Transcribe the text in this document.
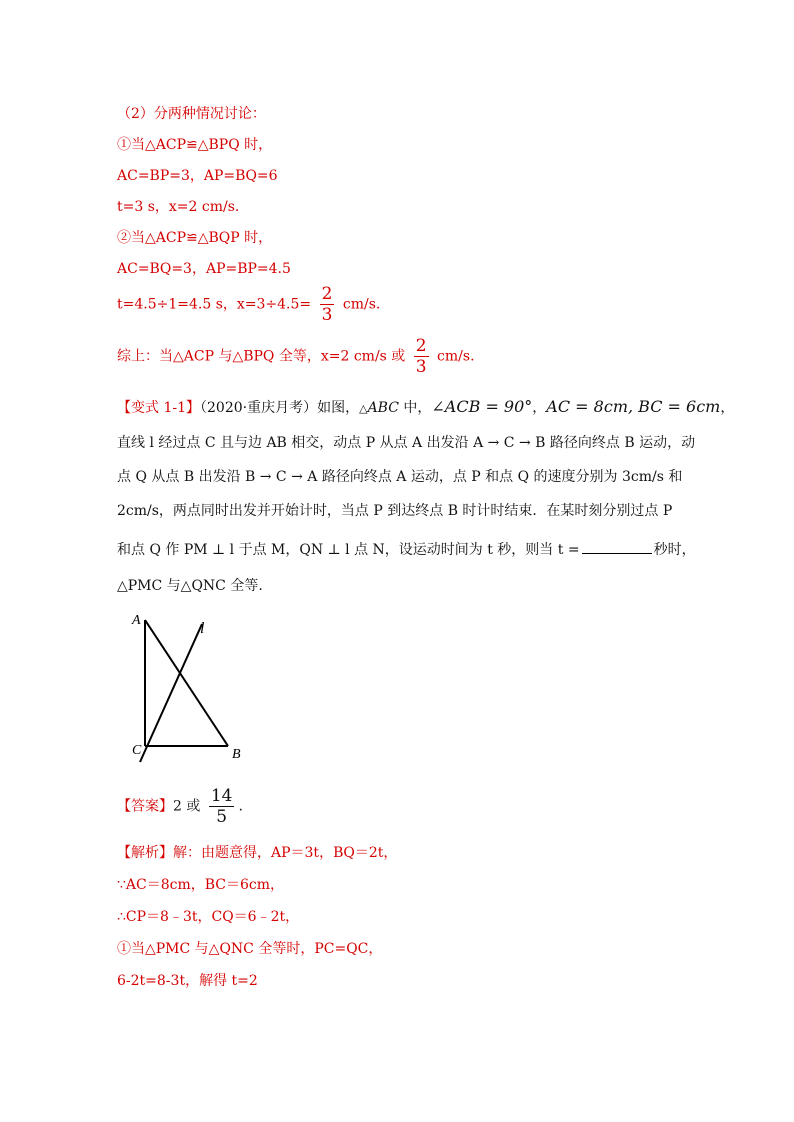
（2）分两种情况讨论：
①当△ACP≌△BPQ 时，
AC=BP=3，AP=BQ=6
t=3 s，x=2 cm/s.
②当△ACP≌△BQP 时，
AC=BQ=3，AP=BP=4.5
t=4.5÷1=4.5 s，$x=3\div 4.5= \frac{2}{3} cm/s$.
综上：当△ACP 与△BPQ 全等，x=2 cm/s 或 $\frac{2}{3} cm/s$.
【变式 1-1】（2020·重庆月考）如图，△ABC 中，∠ACB = 90°，AC = 8cm, BC = 6cm，
直线 l 经过点 C 且与边 AB 相交，动点 P 从点 A 出发沿 A → C → B 路径向终点 B 运动，动
点 Q 从点 B 出发沿 B → C → A 路径向终点 A 运动，点 P 和点 Q 的速度分别为 3cm/s 和
2cm/s，两点同时出发并开始计时，当点 P 到达终点 B 时计时结束．在某时刻分别过点 P
和点 Q 作 PM ⊥ l 于点 M，QN ⊥ l 点 N，设运动时间为 t 秒，则当 t =	秒时，
△PMC 与△QNC 全等.
A
C	B
l
【答案】2 或 $\frac{14}{5}$ .
【解析】解：由题意得，AP＝3t，BQ＝2t，
∵AC＝8cm，BC＝6cm，
∴CP＝8﹣3t，CQ＝6﹣2t，
①当△PMC 与△QNC 全等时，PC=QC，
6-2t=8-3t，解得 t=2
